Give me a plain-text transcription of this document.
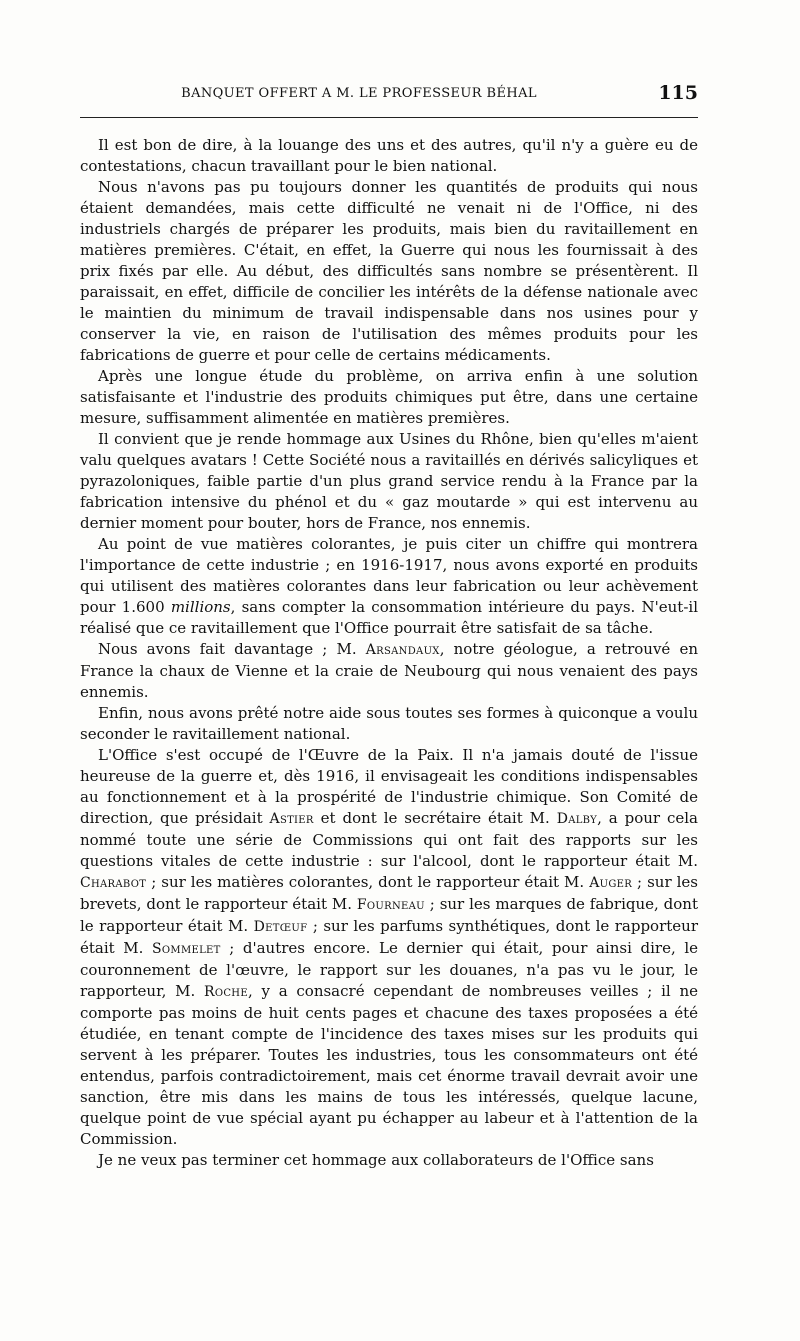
BANQUET OFFERT A M. LE PROFESSEUR BÉHAL	115

Il est bon de dire, à la louange des uns et des autres, qu'il n'y a guère eu de contestations, chacun travaillant pour le bien national.

Nous n'avons pas pu toujours donner les quantités de produits qui nous étaient demandées, mais cette difficulté ne venait ni de l'Office, ni des industriels chargés de préparer les produits, mais bien du ravitaillement en matières premières. C'était, en effet, la Guerre qui nous les fournissait à des prix fixés par elle. Au début, des difficultés sans nombre se présentèrent. Il paraissait, en effet, difficile de concilier les intérêts de la défense nationale avec le maintien du minimum de travail indispensable dans nos usines pour y conserver la vie, en raison de l'utilisation des mêmes produits pour les fabrications de guerre et pour celle de certains médicaments.

Après une longue étude du problème, on arriva enfin à une solution satisfaisante et l'industrie des produits chimiques put être, dans une certaine mesure, suffisamment alimentée en matières premières.

Il convient que je rende hommage aux Usines du Rhône, bien qu'elles m'aient valu quelques avatars ! Cette Société nous a ravitaillés en dérivés salicyliques et pyrazoloniques, faible partie d'un plus grand service rendu à la France par la fabrication intensive du phénol et du « gaz moutarde » qui est intervenu au dernier moment pour bouter, hors de France, nos ennemis.

Au point de vue matières colorantes, je puis citer un chiffre qui montrera l'importance de cette industrie ; en 1916-1917, nous avons exporté en produits qui utilisent des matières colorantes dans leur fabrication ou leur achèvement pour 1.600 millions, sans compter la consommation intérieure du pays. N'eut-il réalisé que ce ravitaillement que l'Office pourrait être satisfait de sa tâche.

Nous avons fait davantage ; M. Arsandaux, notre géologue, a retrouvé en France la chaux de Vienne et la craie de Neubourg qui nous venaient des pays ennemis.

Enfin, nous avons prêté notre aide sous toutes ses formes à quiconque a voulu seconder le ravitaillement national.

L'Office s'est occupé de l'Œuvre de la Paix. Il n'a jamais douté de l'issue heureuse de la guerre et, dès 1916, il envisageait les conditions indispensables au fonctionnement et à la prospérité de l'industrie chimique. Son Comité de direction, que présidait Astier et dont le secrétaire était M. Dalby, a pour cela nommé toute une série de Commissions qui ont fait des rapports sur les questions vitales de cette industrie : sur l'alcool, dont le rapporteur était M. Charabot ; sur les matières colorantes, dont le rapporteur était M. Auger ; sur les brevets, dont le rapporteur était M. Fourneau ; sur les marques de fabrique, dont le rapporteur était M. Detœuf ; sur les parfums synthétiques, dont le rapporteur était M. Sommelet ; d'autres encore. Le dernier qui était, pour ainsi dire, le couronnement de l'œuvre, le rapport sur les douanes, n'a pas vu le jour, le rapporteur, M. Roche, y a consacré cependant de nombreuses veilles ; il ne comporte pas moins de huit cents pages et chacune des taxes proposées a été étudiée, en tenant compte de l'incidence des taxes mises sur les produits qui servent à les préparer. Toutes les industries, tous les consommateurs ont été entendus, parfois contradictoirement, mais cet énorme travail devrait avoir une sanction, être mis dans les mains de tous les intéressés, quelque lacune, quelque point de vue spécial ayant pu échapper au labeur et à l'attention de la Commission.

Je ne veux pas terminer cet hommage aux collaborateurs de l'Office sans
